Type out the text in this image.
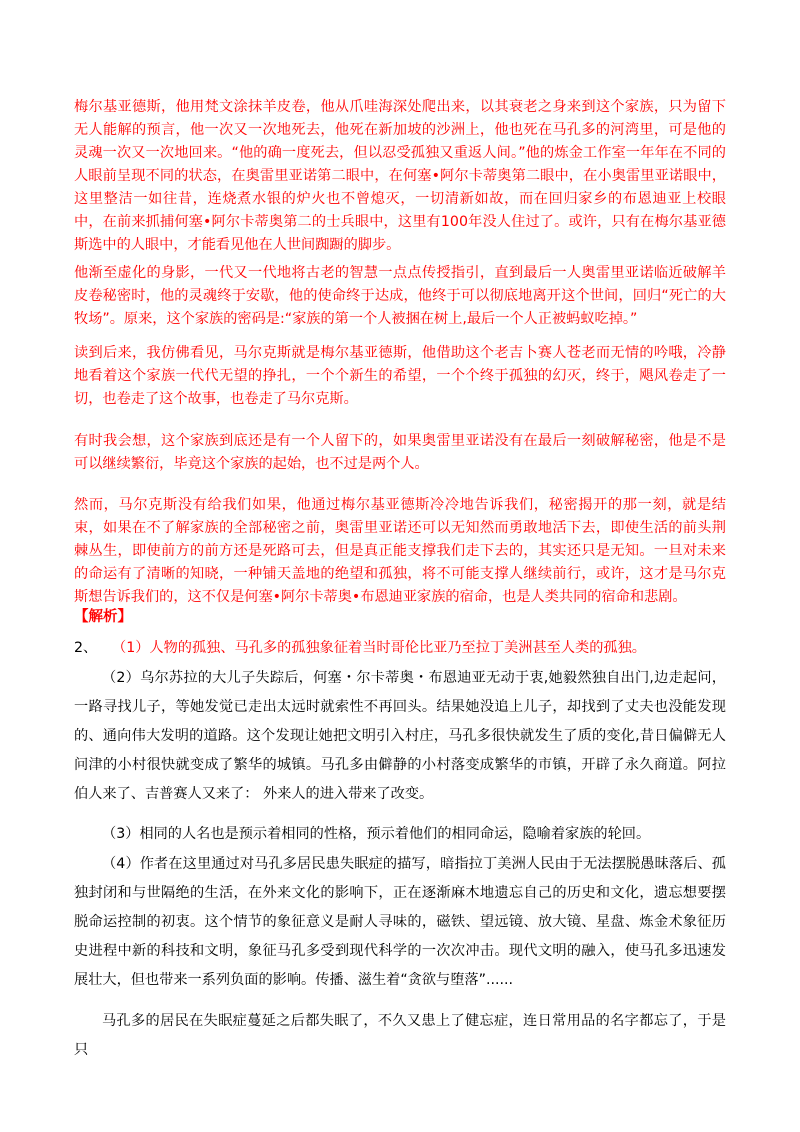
梅尔基亚德斯，他用梵文涂抹羊皮卷，他从爪哇海深处爬出来，以其衰老之身来到这个家族，只为留下无人能解的预言，他一次又一次地死去，他死在新加坡的沙洲上，他也死在马孔多的河湾里，可是他的灵魂一次又一次地回来。“他的确一度死去，但以忍受孤独又重返人间。”他的炼金工作室一年年在不同的人眼前呈现不同的状态，在奥雷里亚诺第二眼中，在何塞•阿尔卡蒂奥第二眼中，在小奥雷里亚诺眼中，这里整洁一如往昔，连烧煮水银的炉火也不曾熄灭，一切清新如故，而在回归家乡的布恩迪亚上校眼中，在前来抓捕何塞•阿尔卡蒂奥第二的士兵眼中，这里有100年没人住过了。或许，只有在梅尔基亚德斯选中的人眼中，才能看见他在人世间踟蹰的脚步。

他渐至虚化的身影，一代又一代地将古老的智慧一点点传授指引，直到最后一人奥雷里亚诺临近破解羊皮卷秘密时，他的灵魂终于安歇，他的使命终于达成，他终于可以彻底地离开这个世间，回归“死亡的大牧场”。原来，这个家族的密码是:“家族的第一个人被捆在树上,最后一个人正被蚂蚁吃掉。”

读到后来，我仿佛看见，马尔克斯就是梅尔基亚德斯，他借助这个老吉卜赛人苍老而无情的吟哦，冷静地看着这个家族一代代无望的挣扎，一个个新生的希望，一个个终于孤独的幻灭，终于，飓风卷走了一切，也卷走了这个故事，也卷走了马尔克斯。

有时我会想，这个家族到底还是有一个人留下的，如果奥雷里亚诺没有在最后一刻破解秘密，他是不是可以继续繁衍，毕竟这个家族的起始，也不过是两个人。

然而，马尔克斯没有给我们如果，他通过梅尔基亚德斯冷冷地告诉我们，秘密揭开的那一刻，就是结束，如果在不了解家族的全部秘密之前，奥雷里亚诺还可以无知然而勇敢地活下去，即使生活的前头荆棘丛生，即使前方的前方还是死路可去，但是真正能支撑我们走下去的，其实还只是无知。一旦对未来的命运有了清晰的知晓，一种铺天盖地的绝望和孤独，将不可能支撑人继续前行，或许，这才是马尔克斯想告诉我们的，这不仅是何塞•阿尔卡蒂奥•布恩迪亚家族的宿命，也是人类共同的宿命和悲剧。

【解析】

2、 （1）人物的孤独、马孔多的孤独象征着当时哥伦比亚乃至拉丁美洲甚至人类的孤独。

（2）乌尔苏拉的大儿子失踪后，何塞・尔卡蒂奥・布恩迪亚无动于衷,她毅然独自出门,边走起问，一路寻找儿子，等她发觉已走出太远时就索性不再回头。结果她没追上儿子，却找到了丈夫也没能发现的、通向伟大发明的道路。这个发现让她把文明引入村庄，马孔多很快就发生了质的变化,昔日偏僻无人问津的小村很快就变成了繁华的城镇。马孔多由僻静的小村落变成繁华的市镇，开辟了永久商道。阿拉伯人来了、吉普赛人又来了： 外来人的进入带来了改变。

（3）相同的人名也是预示着相同的性格，预示着他们的相同命运，隐喻着家族的轮回。

（4）作者在这里通过对马孔多居民患失眠症的描写，暗指拉丁美洲人民由于无法摆脱愚昧落后、孤独封闭和与世隔绝的生活，在外来文化的影响下，正在逐渐麻木地遗忘自己的历史和文化，遗忘想要摆脱命运控制的初衷。这个情节的象征意义是耐人寻味的，磁铁、望远镜、放大镜、星盘、炼金术象征历史进程中新的科技和文明，象征马孔多受到现代科学的一次次冲击。现代文明的融入，使马孔多迅速发展壮大，但也带来一系列负面的影响。传播、滋生着“贪欲与堕落”......

马孔多的居民在失眠症蔓延之后都失眠了，不久又患上了健忘症，连日常用品的名字都忘了，于是只
